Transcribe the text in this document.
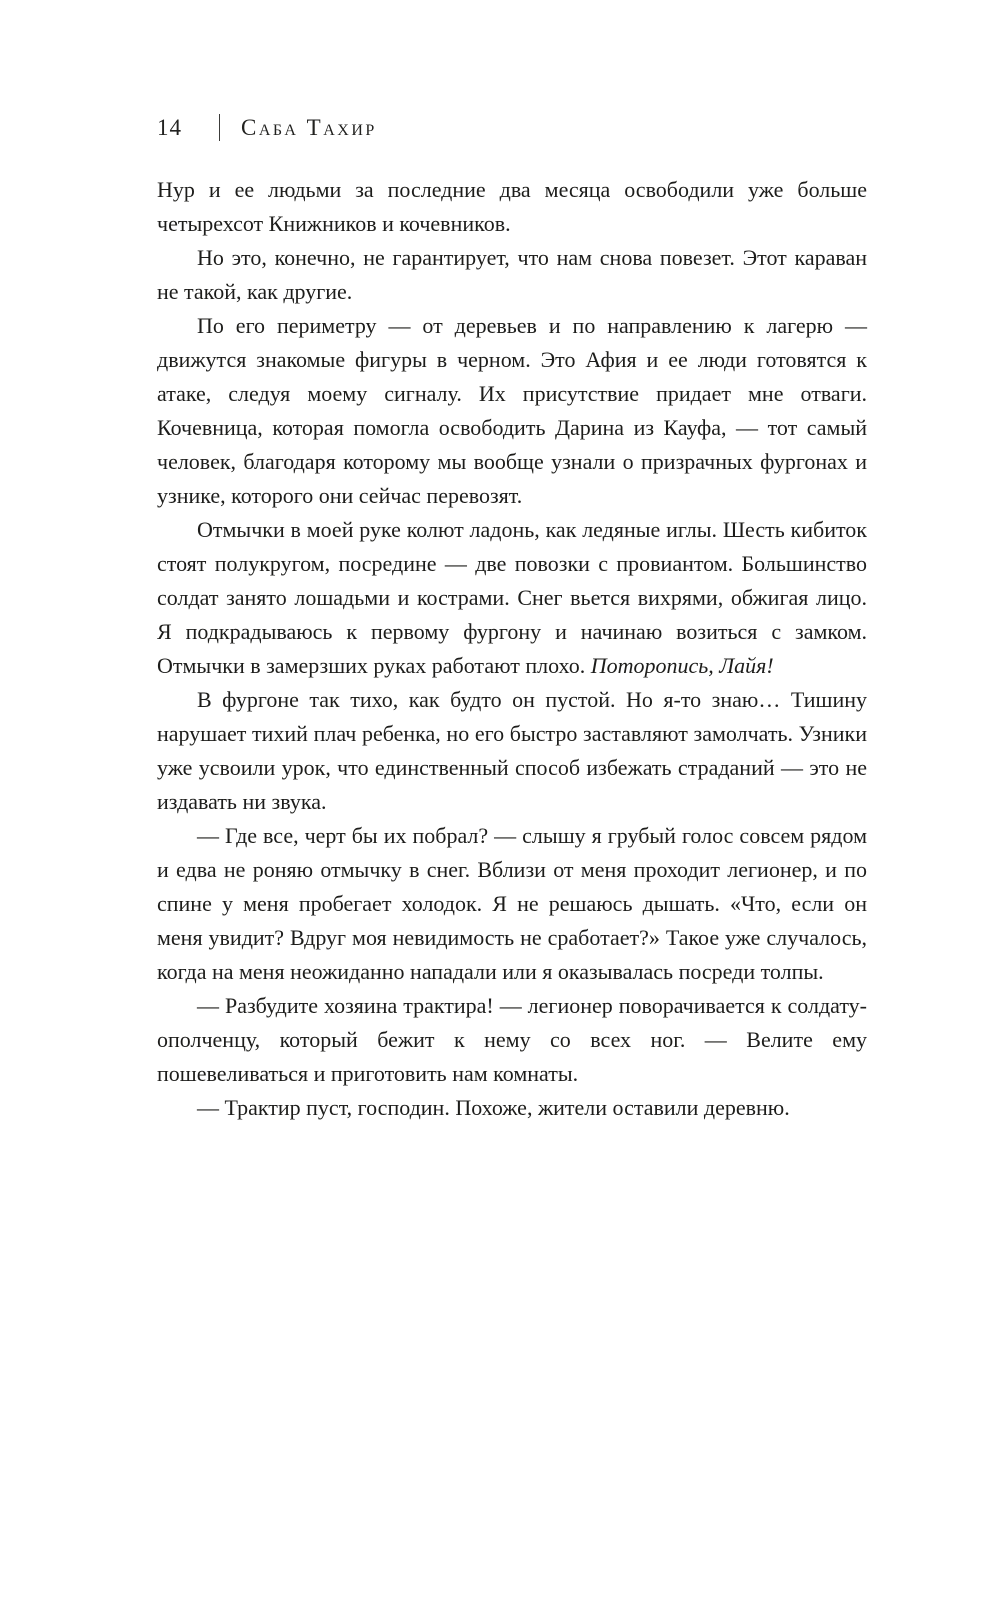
14	Саба Тахир

Нур и ее людьми за последние два месяца освободили уже больше четырехсот Книжников и кочевников.

Но это, конечно, не гарантирует, что нам снова повезет. Этот караван не такой, как другие.

По его периметру — от деревьев и по направлению к лагерю — движутся знакомые фигуры в черном. Это Афия и ее люди готовятся к атаке, следуя моему сигналу. Их присутствие придает мне отваги. Кочевница, которая помогла освободить Дарина из Кауфа, — тот самый человек, благодаря которому мы вообще узнали о призрачных фургонах и узнике, которого они сейчас перевозят.

Отмычки в моей руке колют ладонь, как ледяные иглы. Шесть кибиток стоят полукругом, посредине — две повозки с провиантом. Большинство солдат занято лошадьми и кострами. Снег вьется вихрями, обжигая лицо. Я подкрадываюсь к первому фургону и начинаю возиться с замком. Отмычки в замерзших руках работают плохо. Поторопись, Лайя!

В фургоне так тихо, как будто он пустой. Но я-то знаю… Тишину нарушает тихий плач ребенка, но его быстро заставляют замолчать. Узники уже усвоили урок, что единственный способ избежать страданий — это не издавать ни звука.

— Где все, черт бы их побрал? — слышу я грубый голос совсем рядом и едва не роняю отмычку в снег. Вблизи от меня проходит легионер, и по спине у меня пробегает холодок. Я не решаюсь дышать. «Что, если он меня увидит? Вдруг моя невидимость не сработает?» Такое уже случалось, когда на меня неожиданно нападали или я оказывалась посреди толпы.

— Разбудите хозяина трактира! — легионер поворачивается к солдату-ополченцу, который бежит к нему со всех ног. — Велите ему пошевеливаться и приготовить нам комнаты.

— Трактир пуст, господин. Похоже, жители оставили деревню.
